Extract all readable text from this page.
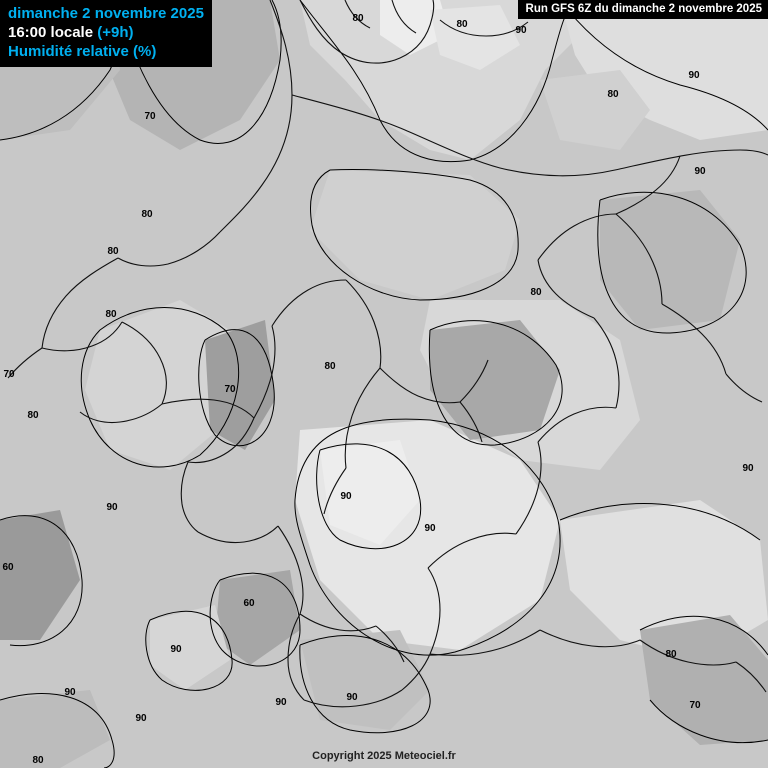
80
80
90
80
90
70
90
80
80
80
80
70
70
80
80
90
90
90
90
60
60
80
90
70
90
90
90	90
80
dimanche 2 novembre 2025
16:00 locale (+9h)
Humidité relative (%)
Run GFS 6Z du dimanche 2 novembre 2025
Copyright 2025 Meteociel.fr
